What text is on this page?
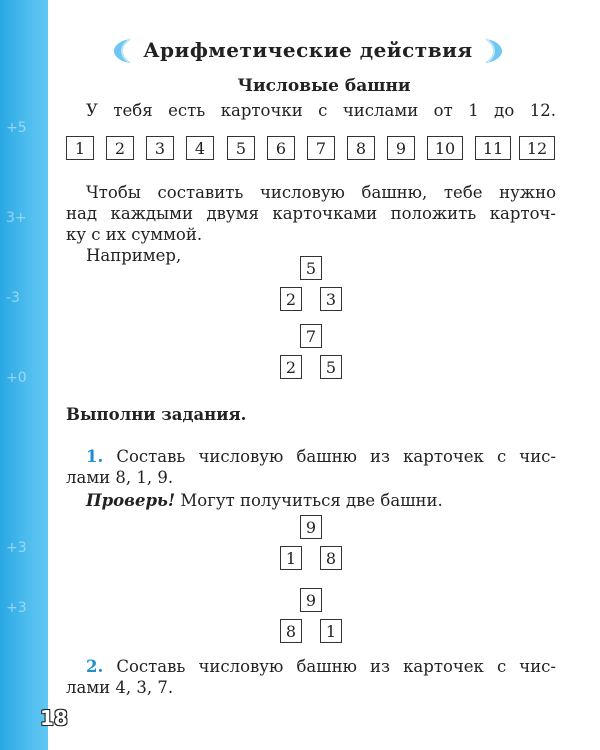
+5
3+
-3
+0
+3
+3
18
Арифметические действия
Числовые башни
У тебя есть карточки с числами от 1 до 12.
1	2	3	4	5	6	7	8	9	10	11	12
Чтобы составить числовую башню, тебе нужно
над каждыми двумя карточками положить карточ-
ку с их суммой.
Например,
5
2	3
7
2	5
Выполни задания.
1. Составь числовую башню из карточек с чис-
лами 8, 1, 9.
Проверь! Могут получиться две башни.
9
1	8
9
8	1
2. Составь числовую башню из карточек с чис-
лами 4, 3, 7.
